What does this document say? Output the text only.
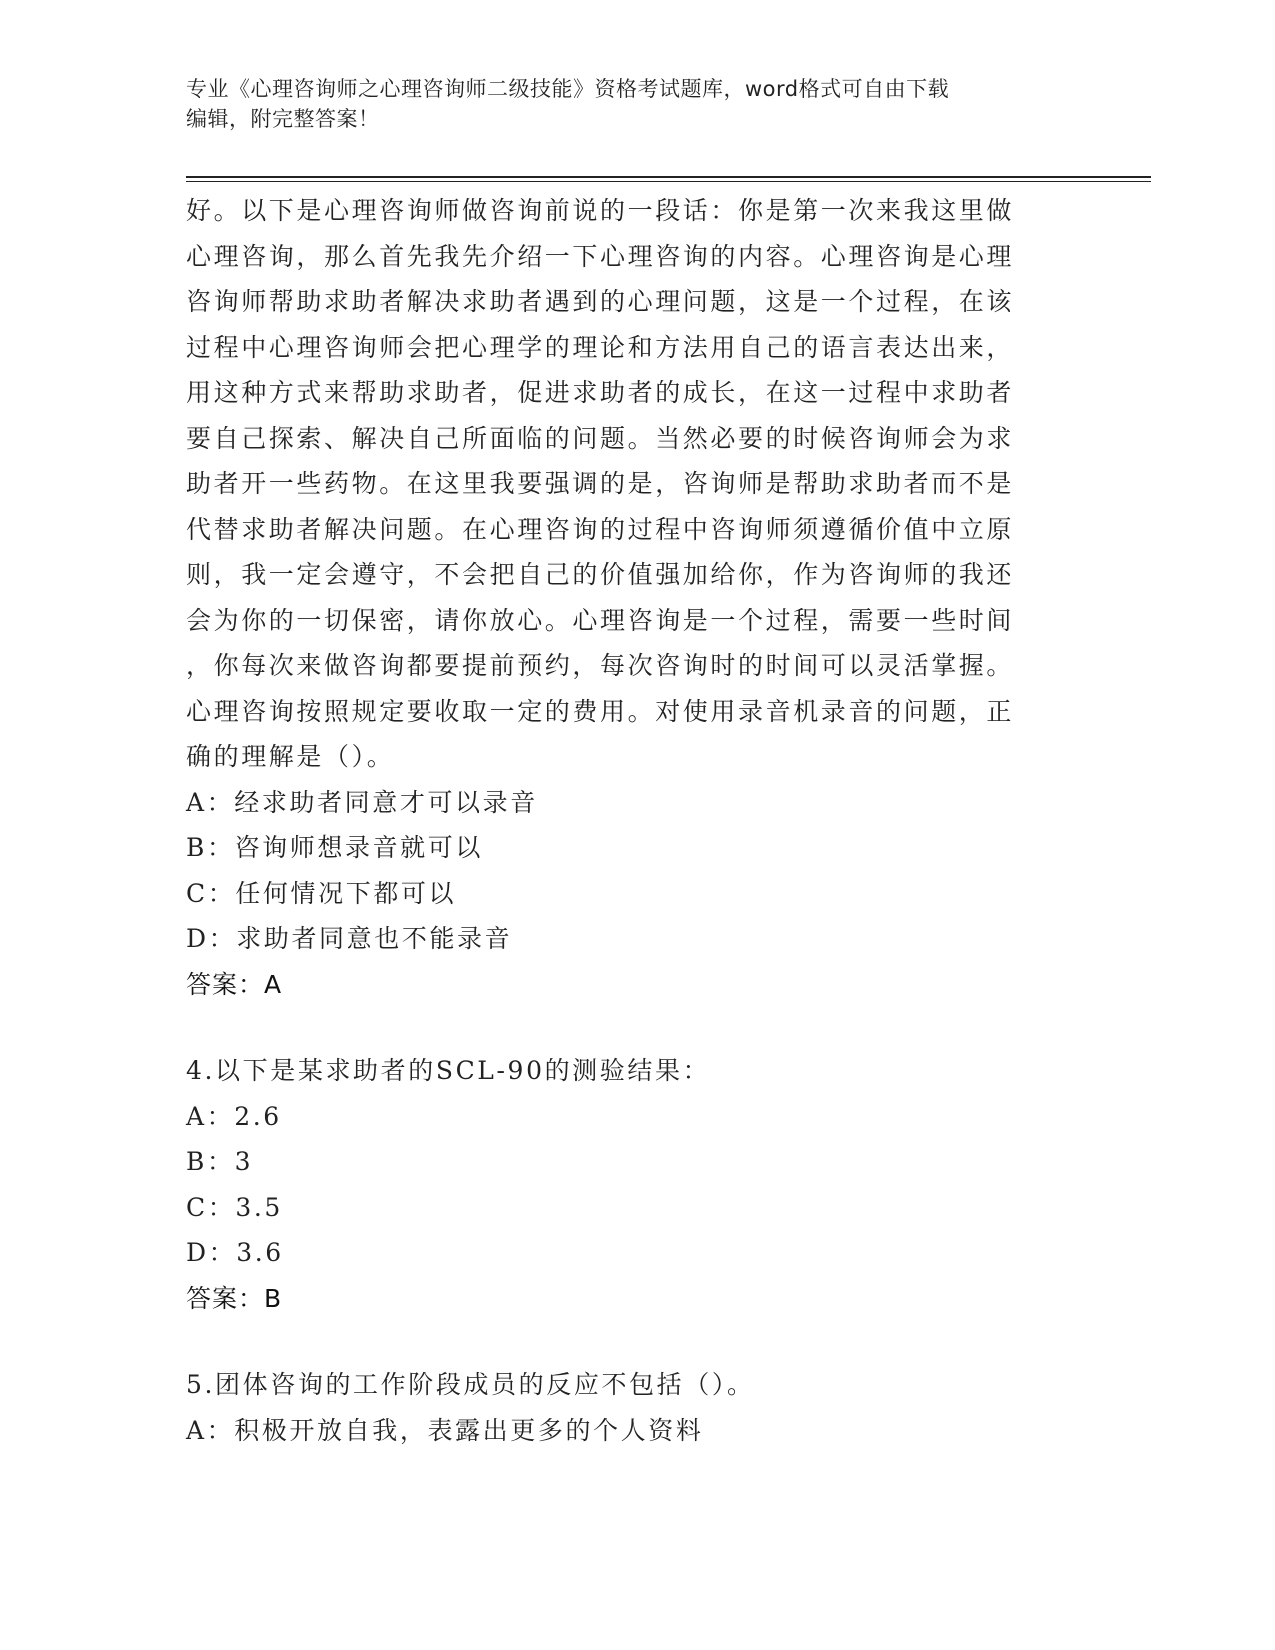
专业《心理咨询师之心理咨询师二级技能》资格考试题库，word格式可自由下载
编辑，附完整答案！

好。以下是心理咨询师做咨询前说的一段话：你是第一次来我这里做
心理咨询，那么首先我先介绍一下心理咨询的内容。心理咨询是心理
咨询师帮助求助者解决求助者遇到的心理问题，这是一个过程，在该
过程中心理咨询师会把心理学的理论和方法用自己的语言表达出来，
用这种方式来帮助求助者，促进求助者的成长，在这一过程中求助者
要自己探索、解决自己所面临的问题。当然必要的时候咨询师会为求
助者开一些药物。在这里我要强调的是，咨询师是帮助求助者而不是
代替求助者解决问题。在心理咨询的过程中咨询师须遵循价值中立原
则，我一定会遵守，不会把自己的价值强加给你，作为咨询师的我还
会为你的一切保密，请你放心。心理咨询是一个过程，需要一些时间
，你每次来做咨询都要提前预约，每次咨询时的时间可以灵活掌握。
心理咨询按照规定要收取一定的费用。对使用录音机录音的问题，正
确的理解是（）。

A：经求助者同意才可以录音

B：咨询师想录音就可以

C：任何情况下都可以

D：求助者同意也不能录音

答案：A

4.以下是某求助者的SCL-90的测验结果：

A：2.6

B：3

C：3.5

D：3.6

答案：B

5.团体咨询的工作阶段成员的反应不包括（）。

A：积极开放自我，表露出更多的个人资料
